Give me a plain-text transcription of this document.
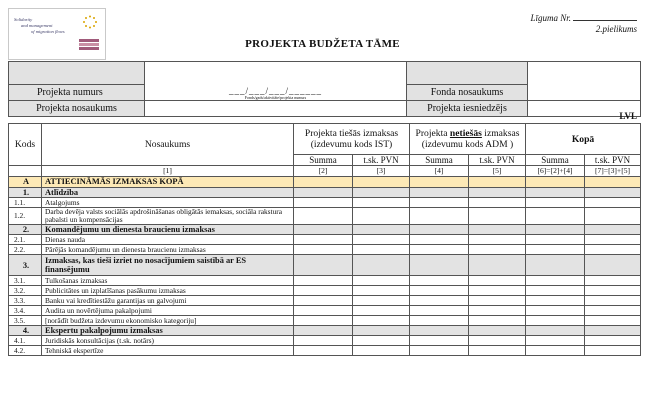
Solidarity
and management
of migration flows
Līguma Nr.
2.pielikums
PROJEKTA BUDŽETA TĀME

	___/___/___/______
Fonds/gads/aktivitāte/projekta numurs		

Projekta numurs		Fonda nosaukums	
Projekta nosaukums		Projekta iesniedzējs	
LVL
Kods	Nosaukums	Projekta tiešās izmaksas (izdevumu kods IST)		Projekta netiešās izmaksas (izdevumu kods ADM )		Kopā	
		Summa	t.sk. PVN	Summa	t.sk. PVN	Summa	t.sk. PVN
	[1]	[2]	[3]	[4]	[5]	[6]=[2]+[4]	[7]=[3]+[5]
A	ATTIECINĀMĀS IZMAKSAS KOPĀ						
1.	Atlīdzība						
1.1.	Atalgojums						
1.2.	Darba devēja valsts sociālās apdrošināšanas obligātās iemaksas, sociāla rakstura pabalsti un kompensācijas						
2.	Komandējumu un dienesta braucienu izmaksas						
2.1.	Dienas nauda						
2.2.	Pārējās komandējumu un dienesta braucienu izmaksas						
3.	Izmaksas, kas tieši izriet no nosacījumiem saistībā ar ES finansējumu						
3.1.	Tulkošanas izmaksas						
3.2.	Publicitātes un izplatīšanas pasākumu izmaksas						
3.3.	Banku vai kredītiestāžu garantijas un galvojumi						
3.4.	Audita un novērtējuma pakalpojumi						
3.5.	[norādīt budžeta izdevumu ekonomisko kategoriju]						
4.	Ekspertu pakalpojumu izmaksas						
4.1.	Juridiskās konsultācijas (t.sk. notārs)						
4.2.	Tehniskā ekspertīze						
